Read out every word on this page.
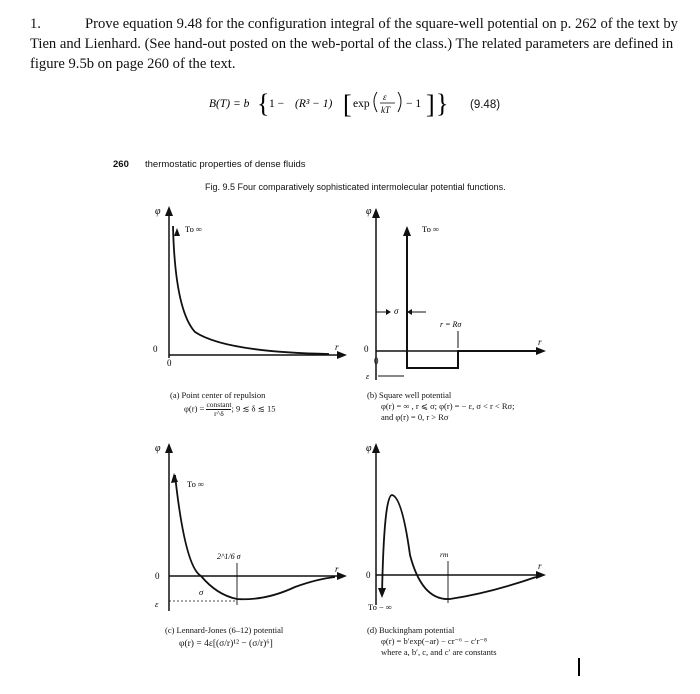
1.	Prove equation 9.48 for the configuration integral of the square-well potential on p. 262 of the text by Tien and Lienhard. (See hand-out posted on the web-portal of the class.) The related parameters are defined in figure 9.5b on page 260 of the text.
B(T) = b { 1 − (R³ − 1) [ exp
ε
kT − 1 ] } (9.48)
260 thermostatic properties of dense fluids
Fig. 9.5 Four comparatively sophisticated intermolecular potential functions.
φ
r
0
0
To ∞
(a) Point center of repulsion
φ(r) = constant
r^δ
; 9 ≲ δ ≲ 15
φ
r
0
0
To ∞
σ
r = Rσ
ε
(b) Square well potential
φ(r) = ∞ , r ⩽ σ; φ(r) = − ε, σ < r < Rσ;
and φ(r) = 0, r > Rσ
φ
r
0
To ∞
2^1/6 σ
σ
ε
(c) Lennard-Jones (6–12) potential
φ(r) = 4ε[(σ/r)¹² − (σ/r)⁶]
φ
r
0
To − ∞
rm
(d) Buckingham potential
φ(r) = b′exp(−ar) − cr⁻⁶ − c′r⁻⁸
where a, b′, c, and c′ are constants
